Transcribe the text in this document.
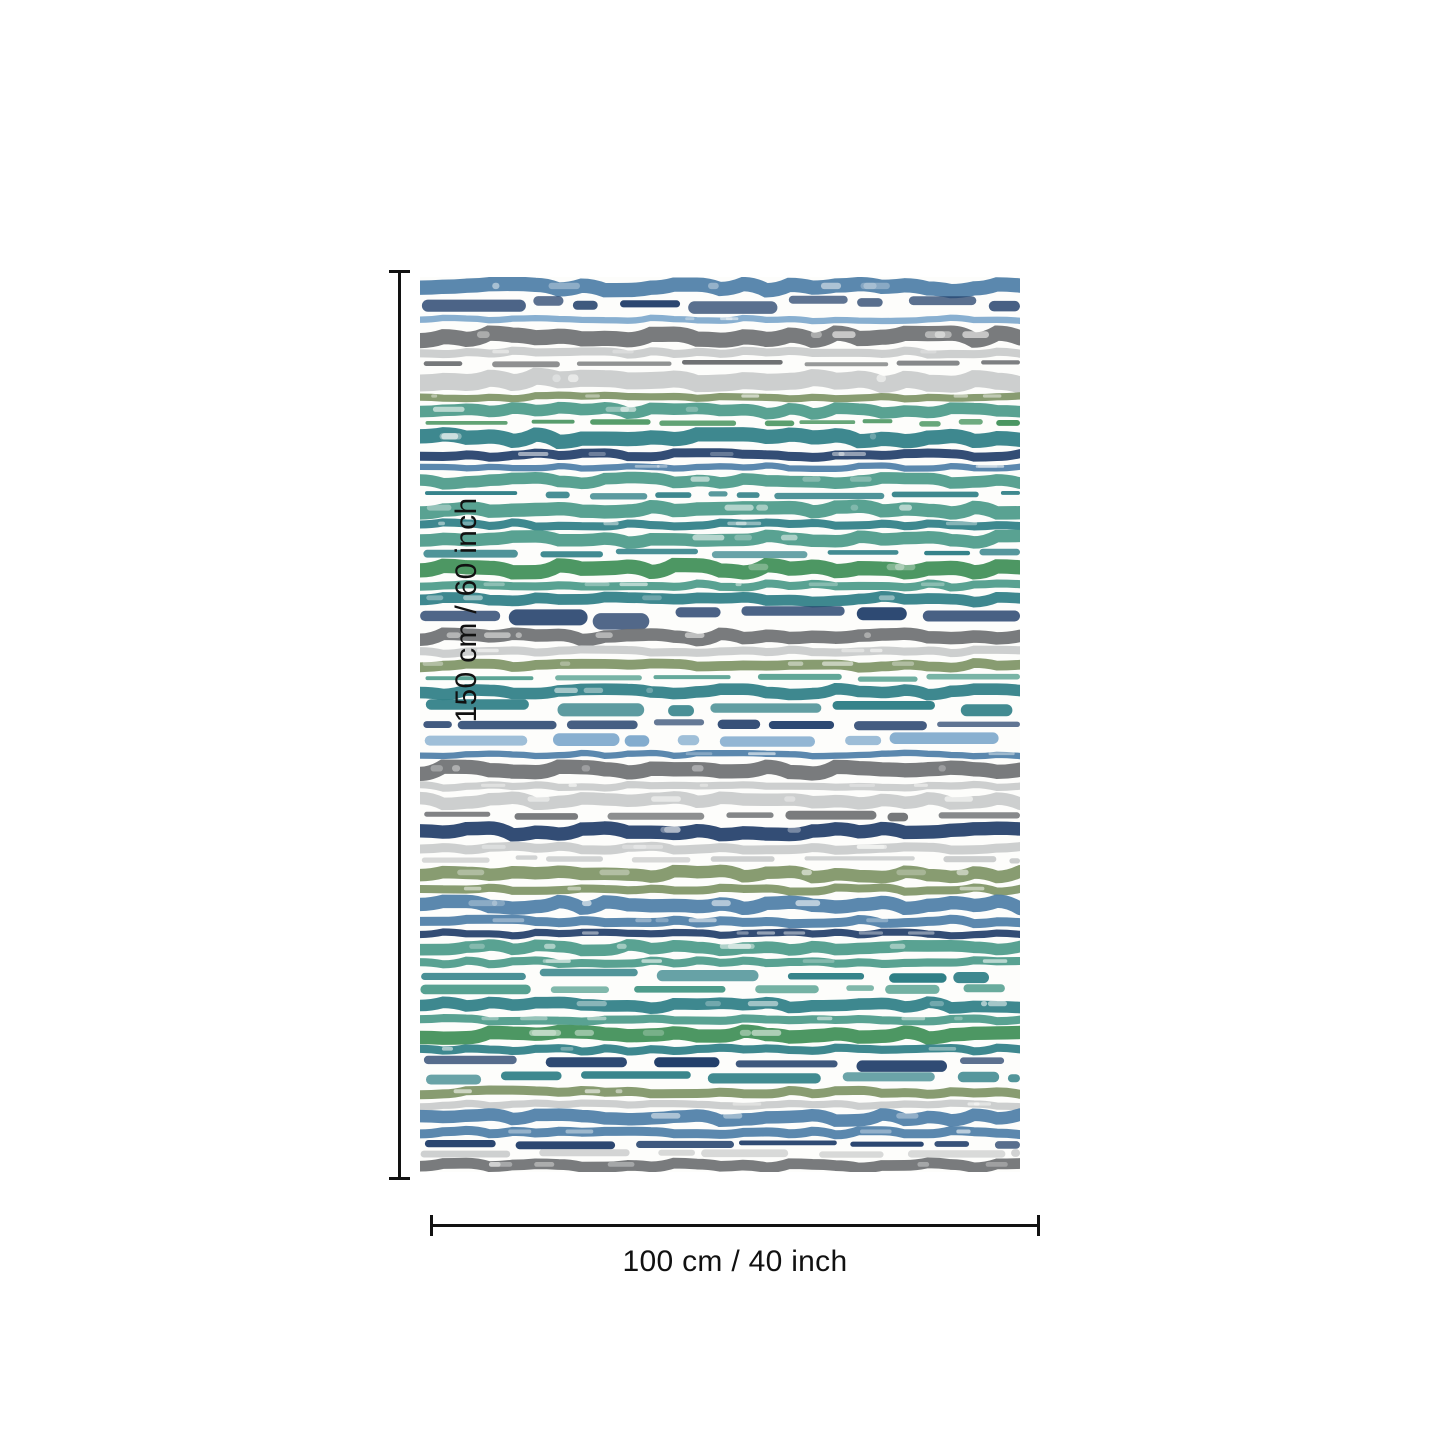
150 cm / 60 inch
100 cm / 40 inch
